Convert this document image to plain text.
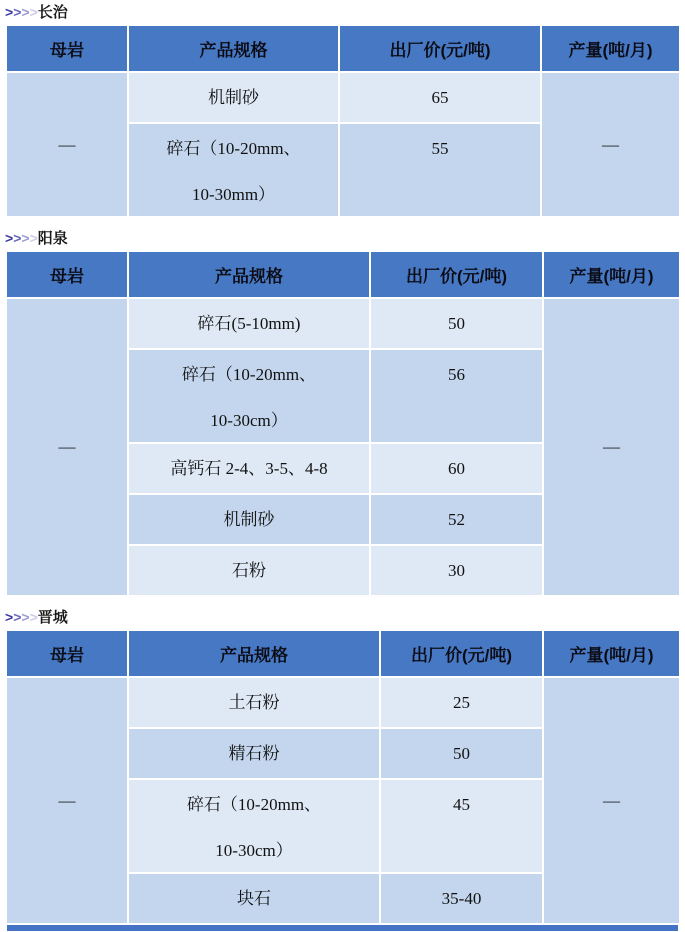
>>>>长治
母岩	产品规格	出厂价(元/吨)	产量(吨/月)
—
机制砂	65
碎石（10-20mm、
10-30mm）
55	—
>>>>阳泉
母岩	产品规格	出厂价(元/吨)	产量(吨/月)
—
碎石(5-10mm)	50
碎石（10-20mm、
10-30cm）
56
高钙石 2-4、3-5、4-8	60
机制砂	52
石粉	30
—
>>>>晋城
母岩	产品规格	出厂价(元/吨)	产量(吨/月)
—
土石粉	25
精石粉	50
碎石（10-20mm、
10-30cm）
45
块石	35-40
—
